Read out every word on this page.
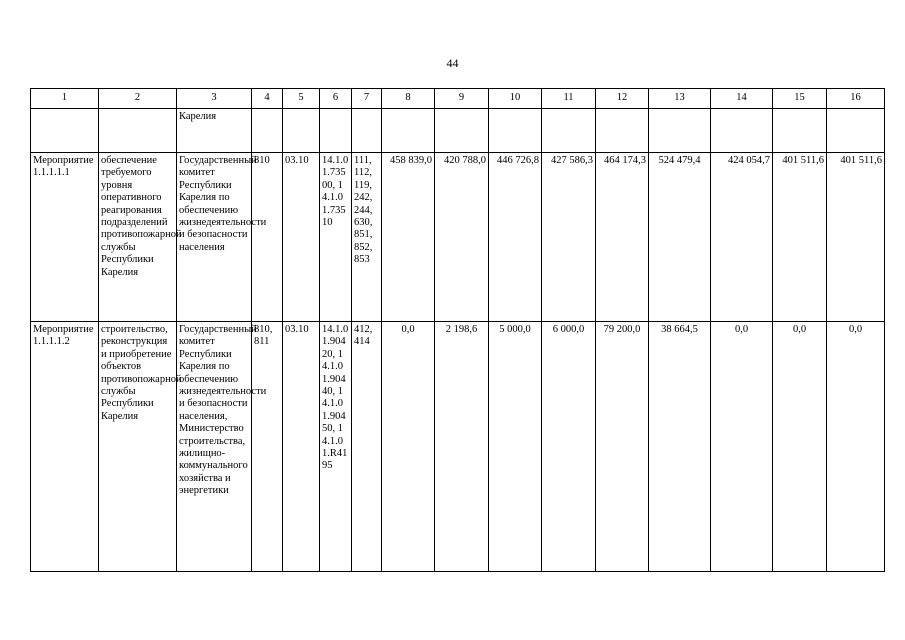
44
1	2	3	4	5	6	7	8	9	10	11	12	13	14	15	16
		Карелия													
Мероприятие 1.1.1.1.1	обеспечение требуемого уровня оперативного реагирования подразделений противопожарной службы Республики Карелия	Государственный комитет Республики Карелия по обеспечению жизнедеятельности и безопасности населения	810	03.10	14.1.01.73500, 14.1.01.73510	111, 112, 119, 242, 244, 630, 851, 852, 853	458 839,0	420 788,0	446 726,8	427 586,3	464 174,3	524 479,4	424 054,7	401 511,6	401 511,6
Мероприятие 1.1.1.1.2	строительство, реконструкция и приобретение объектов противопожарной службы Республики Карелия	Государственный комитет Республики Карелия по обеспечению жизнедеятельности и безопасности населения, Министерство строительства, жилищно-коммунального хозяйства и энергетики	810, 811	03.10	14.1.01.90420, 14.1.01.90440, 14.1.01.90450, 14.1.01.R4195	412, 414	0,0	2 198,6	5 000,0	6 000,0	79 200,0	38 664,5	0,0	0,0	0,0
